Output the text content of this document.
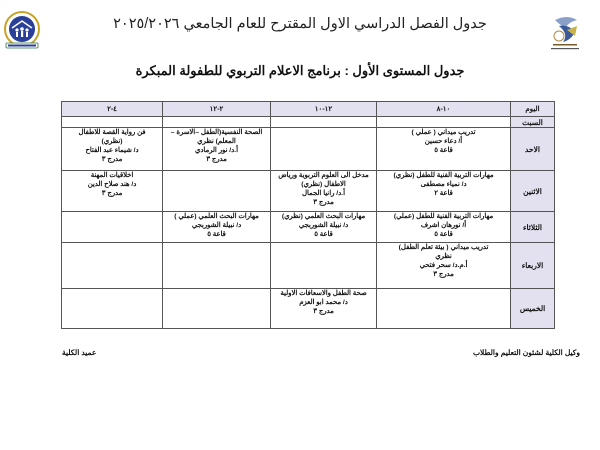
جدول الفصل الدراسي الاول المقترح للعام الجامعي ٢٠٢٥/٢٠٢٦
جدول المستوى الأول : برنامج الاعلام التربوي للطفولة المبكرة
اليوم	١٠-٨	١٢-١٠	٢-١٢	٤-٢
السبت				
الاحد	تدريب ميداني ( عملي )
أ/ دعاء حسين
قاعة ٥		الصحة النفسية(الطفل –الاسرة –
المعلم) نظري
أ.د/ نور الرمادي
مدرج ٣	فن رواية القصة للاطفال
(نظري)
د/ شيماء عبد الفتاح
مدرج ٣

الاثنين	مهارات التربية الفنية للطفل (نظري)
د/ نمياء مصطفى
قاعة ٢	مدخل الى العلوم التربوية ورياض
الاطفال (نظري)
أ.د/ رانيا الجمال
مدرج ٣		اخلاقيات المهنة
د/ هند صلاح الدين
مدرج ٣

الثلاثاء	مهارات التربية الفنية للطفل (عملي)
أ/ نورهان اشرف
قاعة ٥	مهارات البحث العلمي (نظري)
د/ نبيلة الشوربجي
قاعة ٥	مهارات البحث العلمي (عملي )
د/ نبيلة الشوربجي
قاعة ٥	

الاربعاء	تدريب ميداني ( بيئة تعلم الطفل)
نظري
أ.م.د/ سحر فتحي
مدرج ٣			

الخميس		صحة الطفل والاسعافات الاولية
د/ محمد ابو العزم
مدرج ٣		

وكيل الكلية لشئون التعليم والطلاب
عميد الكلية
